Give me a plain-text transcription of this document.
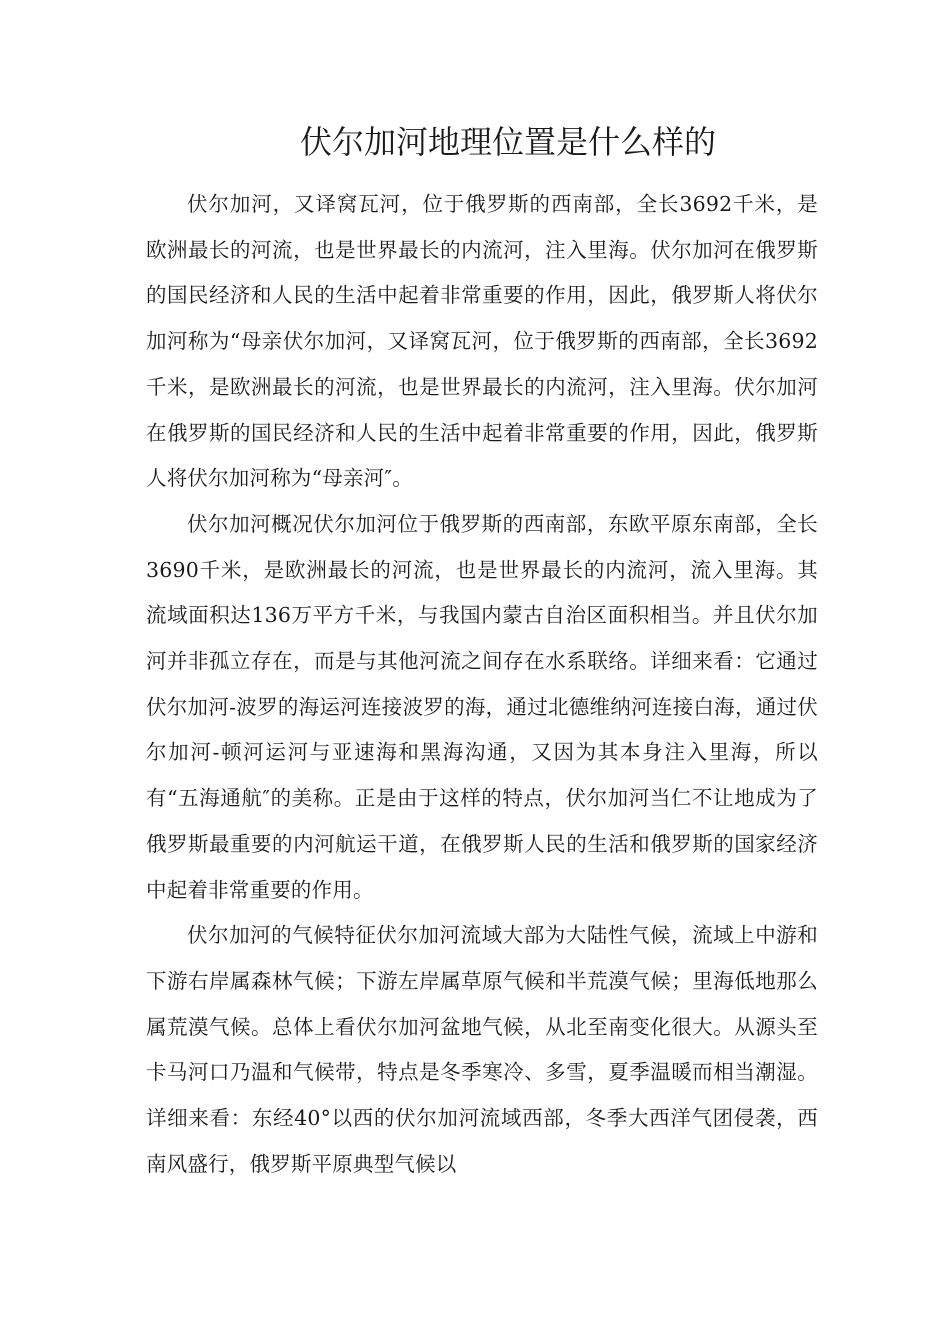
伏尔加河地理位置是什么样的

伏尔加河，又译窝瓦河，位于俄罗斯的西南部，全长3692千米，是欧洲最长的河流，也是世界最长的内流河，注入里海。伏尔加河在俄罗斯的国民经济和人民的生活中起着非常重要的作用，因此，俄罗斯人将伏尔加河称为“母亲伏尔加河，又译窝瓦河，位于俄罗斯的西南部，全长3692千米，是欧洲最长的河流，也是世界最长的内流河，注入里海。伏尔加河在俄罗斯的国民经济和人民的生活中起着非常重要的作用，因此，俄罗斯人将伏尔加河称为“母亲河″。

伏尔加河概况伏尔加河位于俄罗斯的西南部，东欧平原东南部，全长3690千米，是欧洲最长的河流，也是世界最长的内流河，流入里海。其流域面积达136万平方千米，与我国内蒙古自治区面积相当。并且伏尔加河并非孤立存在，而是与其他河流之间存在水系联络。详细来看：它通过伏尔加河-波罗的海运河连接波罗的海，通过北德维纳河连接白海，通过伏尔加河-顿河运河与亚速海和黑海沟通，又因为其本身注入里海，所以有“五海通航″的美称。正是由于这样的特点，伏尔加河当仁不让地成为了俄罗斯最重要的内河航运干道，在俄罗斯人民的生活和俄罗斯的国家经济中起着非常重要的作用。

伏尔加河的气候特征伏尔加河流域大部为大陆性气候，流域上中游和下游右岸属森林气候；下游左岸属草原气候和半荒漠气候；里海低地那么属荒漠气候。总体上看伏尔加河盆地气候，从北至南变化很大。从源头至卡马河口乃温和气候带，特点是冬季寒冷、多雪，夏季温暖而相当潮湿。详细来看：东经40°以西的伏尔加河流域西部，冬季大西洋气团侵袭，西南风盛行，俄罗斯平原典型气候以
